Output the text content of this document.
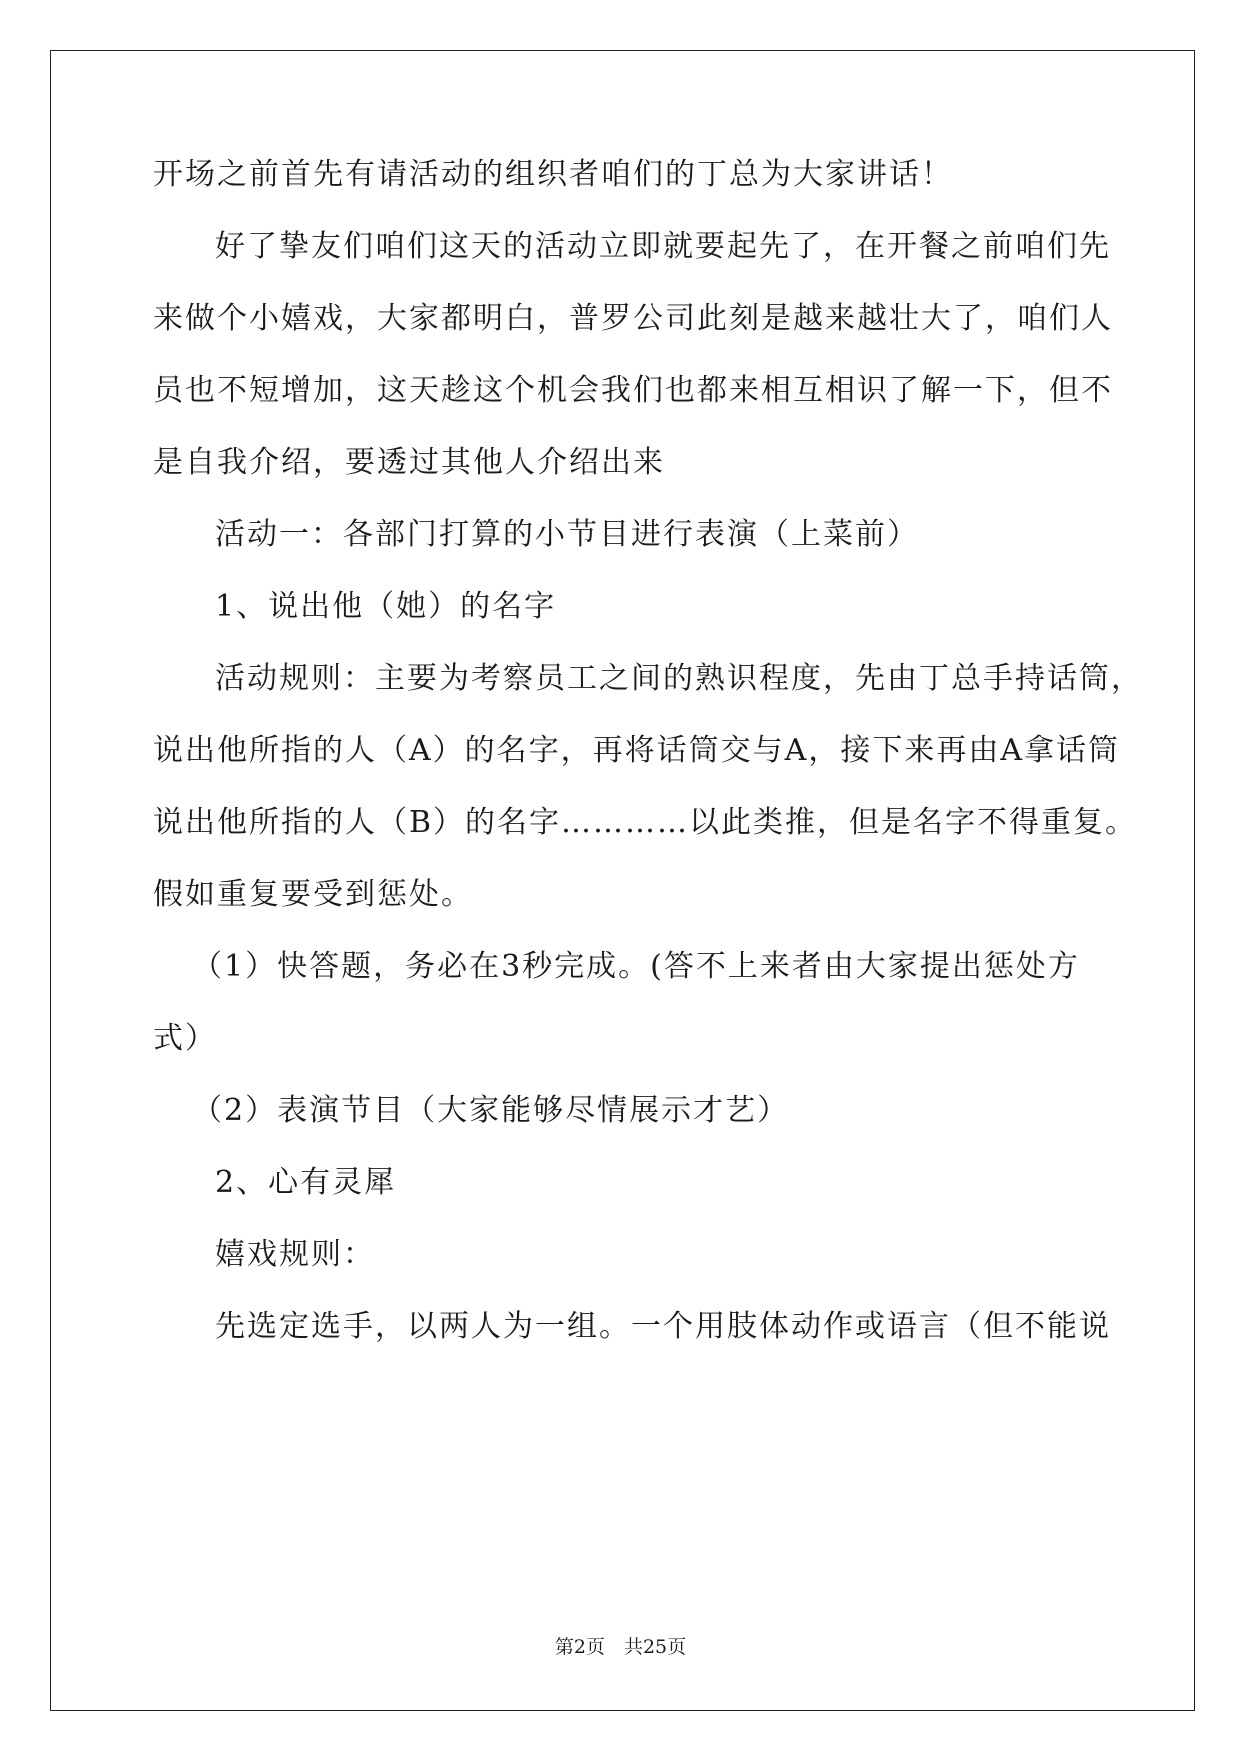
开场之前首先有请活动的组织者咱们的丁总为大家讲话！
好了挚友们咱们这天的活动立即就要起先了，在开餐之前咱们先
来做个小嬉戏，大家都明白，普罗公司此刻是越来越壮大了，咱们人
员也不短增加，这天趁这个机会我们也都来相互相识了解一下，但不
是自我介绍，要透过其他人介绍出来
活动一：各部门打算的小节目进行表演（上菜前）
1、说出他（她）的名字
活动规则：主要为考察员工之间的熟识程度，先由丁总手持话筒，
说出他所指的人（A）的名字，再将话筒交与A，接下来再由A拿话筒
说出他所指的人（B）的名字…………以此类推，但是名字不得重复。
假如重复要受到惩处。
（1）快答题，务必在3秒完成。(答不上来者由大家提出惩处方
式）
（2）表演节目（大家能够尽情展示才艺）
2、心有灵犀
嬉戏规则：
先选定选手，以两人为一组。一个用肢体动作或语言（但不能说
第2页　共25页
